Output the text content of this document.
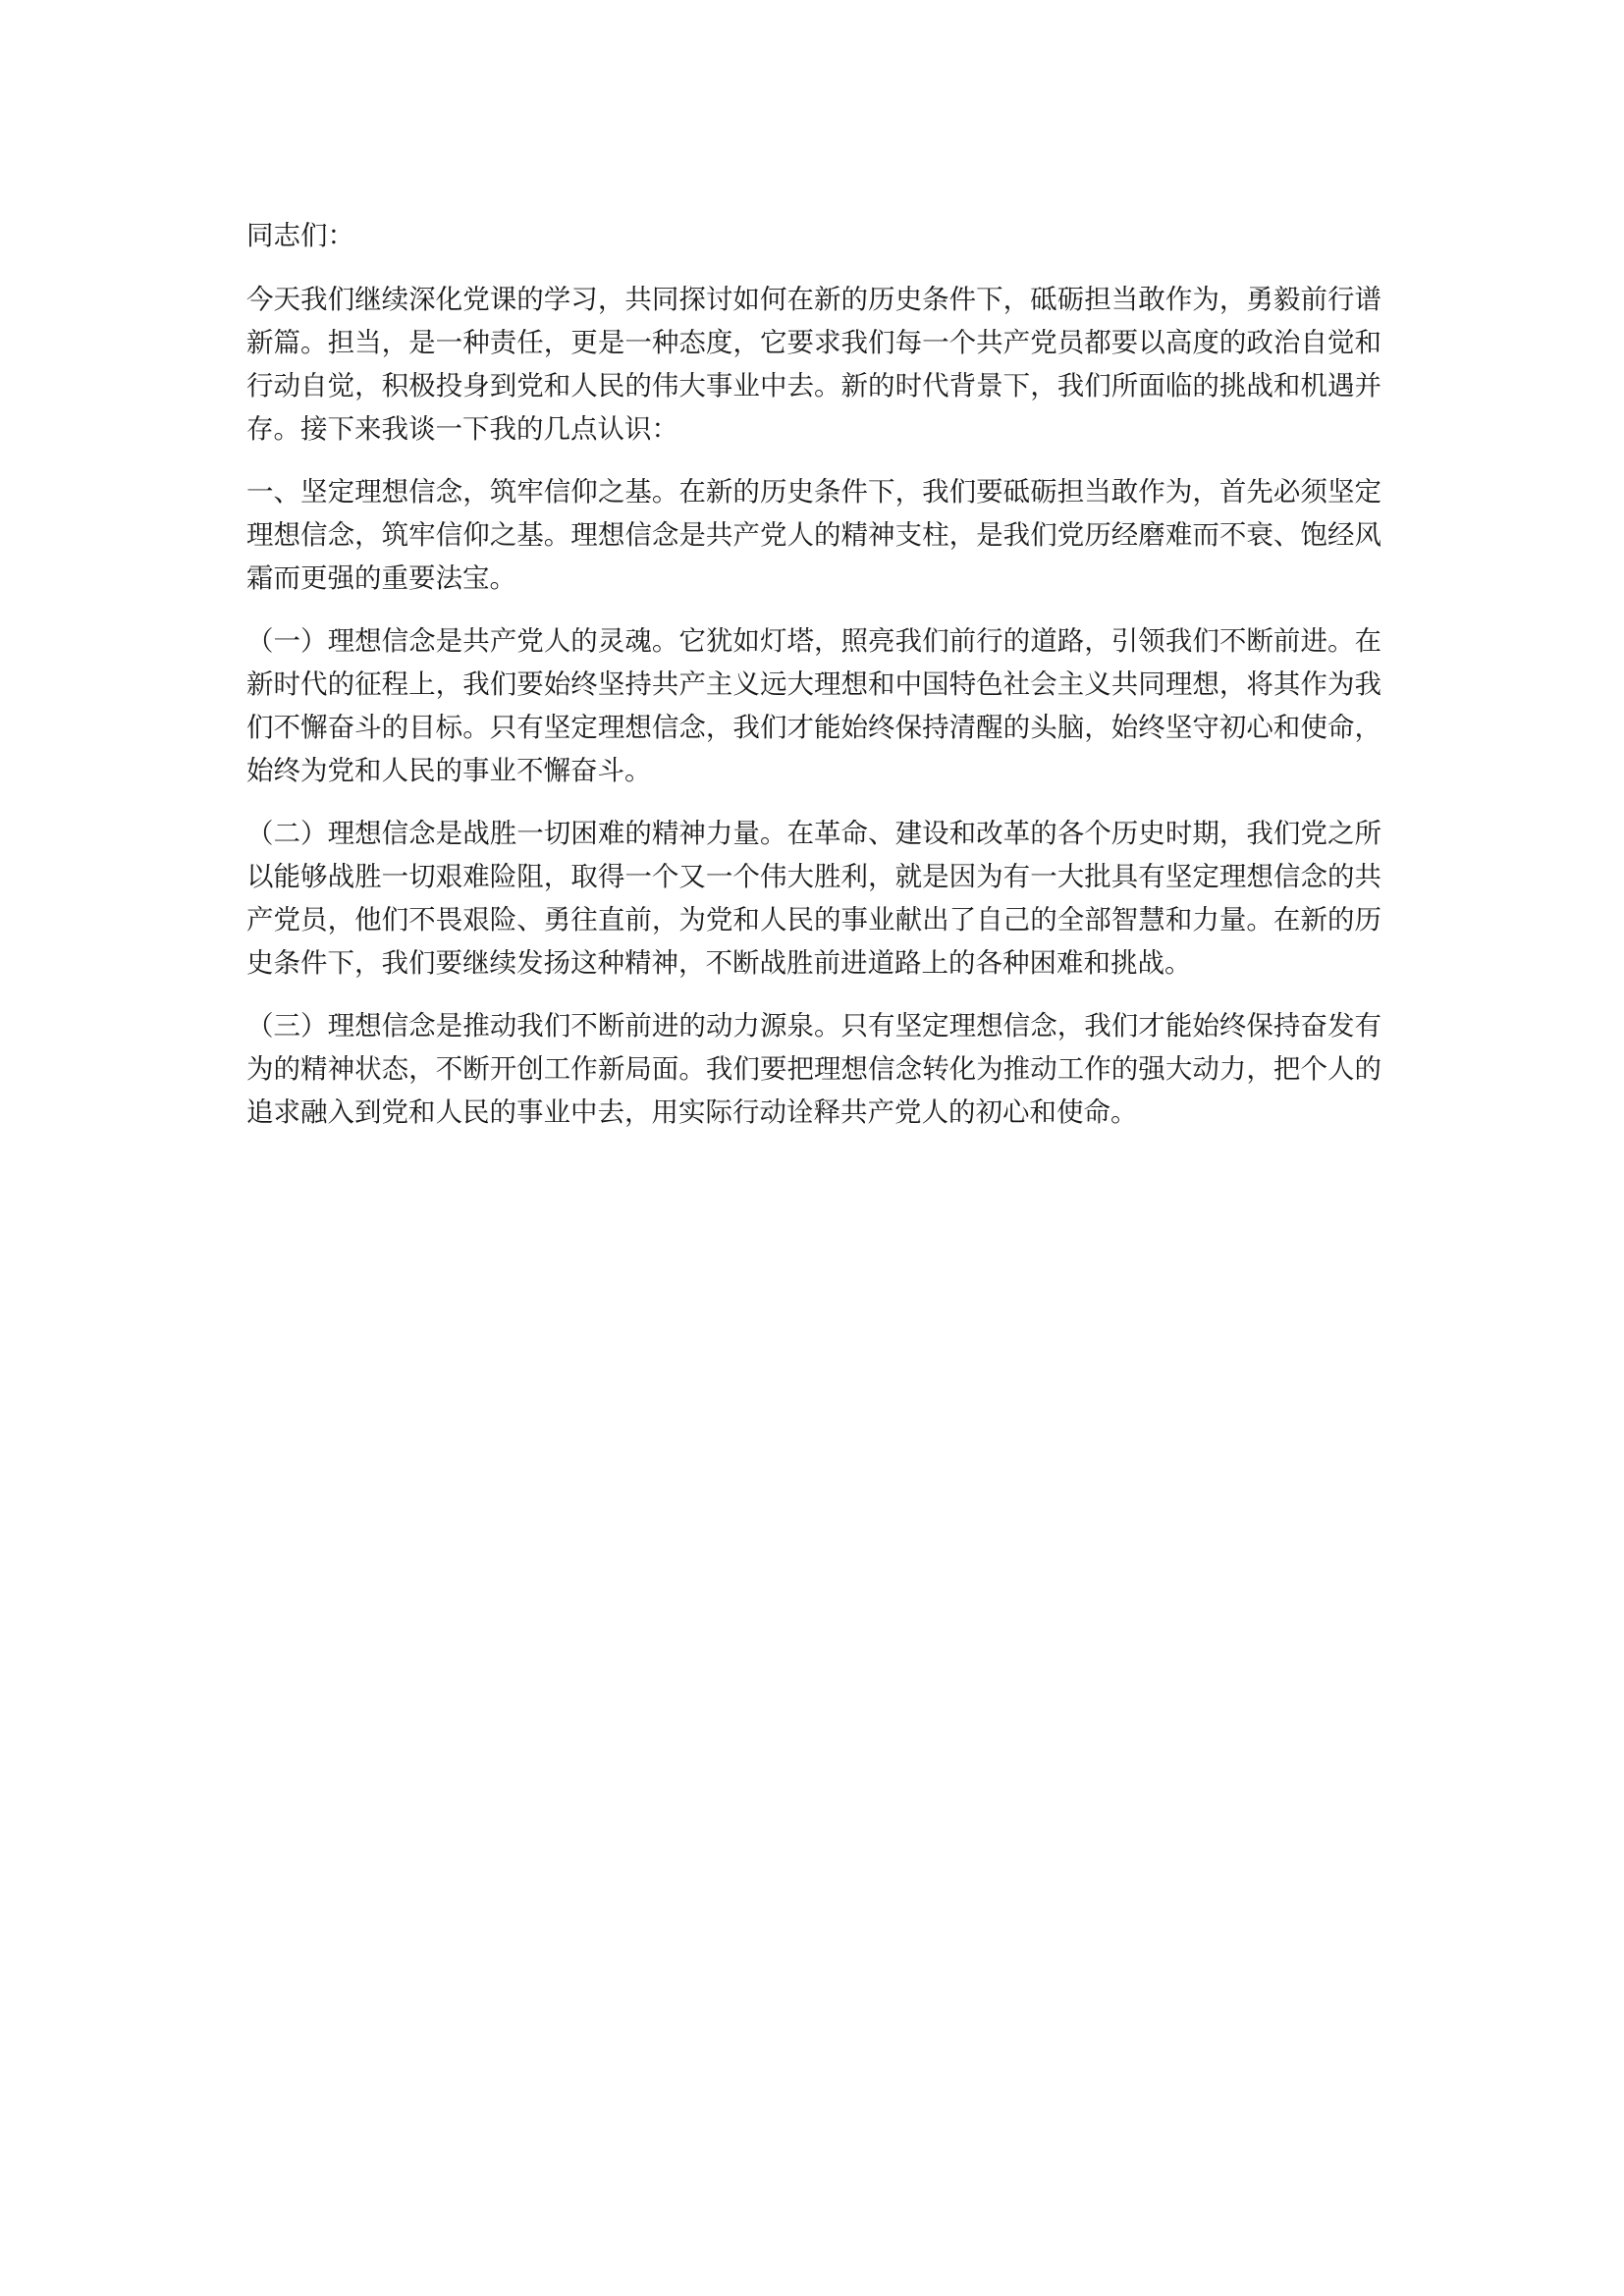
同志们：

今天我们继续深化党课的学习，共同探讨如何在新的历史条件下，砥砺担当敢作为，勇毅前行谱新篇。担当，是一种责任，更是一种态度，它要求我们每一个共产党员都要以高度的政治自觉和行动自觉，积极投身到党和人民的伟大事业中去。新的时代背景下，我们所面临的挑战和机遇并存。接下来我谈一下我的几点认识：

一、坚定理想信念，筑牢信仰之基。在新的历史条件下，我们要砥砺担当敢作为，首先必须坚定理想信念，筑牢信仰之基。理想信念是共产党人的精神支柱，是我们党历经磨难而不衰、饱经风霜而更强的重要法宝。

（一）理想信念是共产党人的灵魂。它犹如灯塔，照亮我们前行的道路，引领我们不断前进。在新时代的征程上，我们要始终坚持共产主义远大理想和中国特色社会主义共同理想，将其作为我们不懈奋斗的目标。只有坚定理想信念，我们才能始终保持清醒的头脑，始终坚守初心和使命，始终为党和人民的事业不懈奋斗。

（二）理想信念是战胜一切困难的精神力量。在革命、建设和改革的各个历史时期，我们党之所以能够战胜一切艰难险阻，取得一个又一个伟大胜利，就是因为有一大批具有坚定理想信念的共产党员，他们不畏艰险、勇往直前，为党和人民的事业献出了自己的全部智慧和力量。在新的历史条件下，我们要继续发扬这种精神，不断战胜前进道路上的各种困难和挑战。

（三）理想信念是推动我们不断前进的动力源泉。只有坚定理想信念，我们才能始终保持奋发有为的精神状态，不断开创工作新局面。我们要把理想信念转化为推动工作的强大动力，把个人的追求融入到党和人民的事业中去，用实际行动诠释共产党人的初心和使命。
